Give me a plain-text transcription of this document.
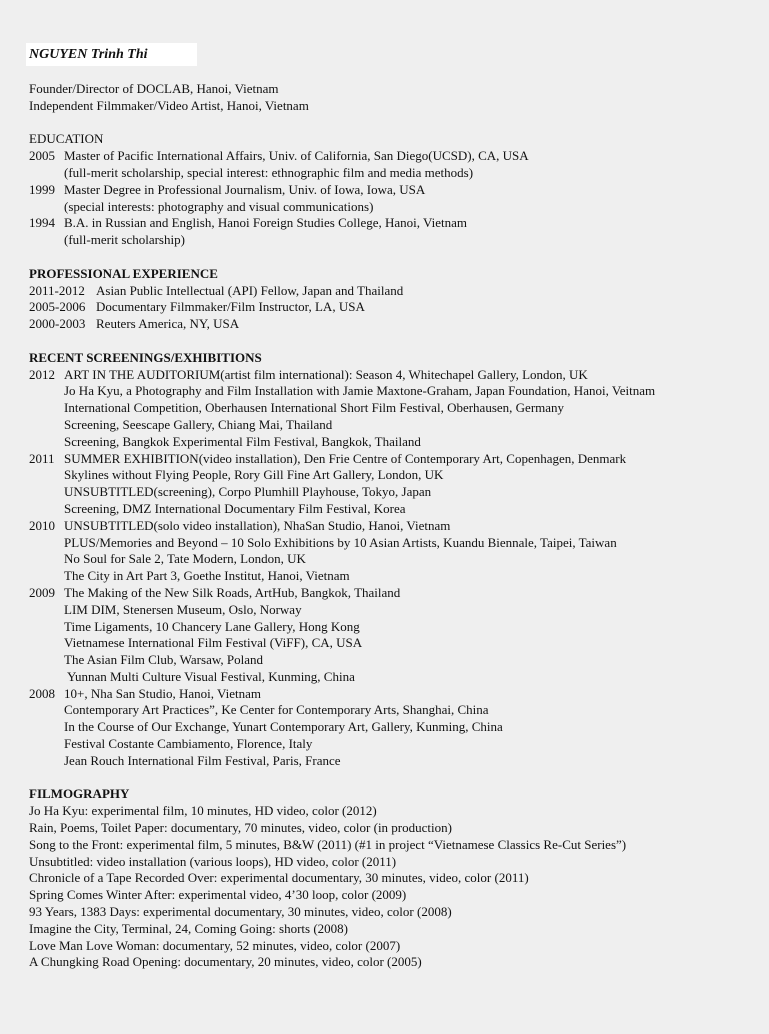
NGUYEN Trinh Thi
Founder/Director of DOCLAB, Hanoi, Vietnam
Independent Filmmaker/Video Artist, Hanoi, Vietnam
EDUCATION
2005 Master of Pacific International Affairs, Univ. of California, San Diego(UCSD), CA, USA
(full-merit scholarship, special interest: ethnographic film and media methods)
1999 Master Degree in Professional Journalism, Univ. of Iowa, Iowa, USA
(special interests: photography and visual communications)
1994 B.A. in Russian and English, Hanoi Foreign Studies College, Hanoi, Vietnam
(full-merit scholarship)
PROFESSIONAL EXPERIENCE
2011-2012 Asian Public Intellectual (API) Fellow, Japan and Thailand
2005-2006 Documentary Filmmaker/Film Instructor, LA, USA
2000-2003 Reuters America, NY, USA
RECENT SCREENINGS/EXHIBITIONS
2012 ART IN THE AUDITORIUM(artist film international): Season 4, Whitechapel Gallery, London, UK
Jo Ha Kyu, a Photography and Film Installation with Jamie Maxtone-Graham, Japan Foundation, Hanoi, Veitnam
International Competition, Oberhausen International Short Film Festival, Oberhausen, Germany
Screening, Seescape Gallery, Chiang Mai, Thailand
Screening, Bangkok Experimental Film Festival, Bangkok, Thailand
2011 SUMMER EXHIBITION(video installation), Den Frie Centre of Contemporary Art, Copenhagen, Denmark
Skylines without Flying People, Rory Gill Fine Art Gallery, London, UK
UNSUBTITLED(screening), Corpo Plumhill Playhouse, Tokyo, Japan
Screening, DMZ International Documentary Film Festival, Korea
2010 UNSUBTITLED(solo video installation), NhaSan Studio, Hanoi, Vietnam
PLUS/Memories and Beyond – 10 Solo Exhibitions by 10 Asian Artists, Kuandu Biennale, Taipei, Taiwan
No Soul for Sale 2, Tate Modern, London, UK
The City in Art Part 3, Goethe Institut, Hanoi, Vietnam
2009 The Making of the New Silk Roads, ArtHub, Bangkok, Thailand
LIM DIM, Stenersen Museum, Oslo, Norway
Time Ligaments, 10 Chancery Lane Gallery, Hong Kong
Vietnamese International Film Festival (ViFF), CA, USA
The Asian Film Club, Warsaw, Poland
Yunnan Multi Culture Visual Festival, Kunming, China
2008 10+, Nha San Studio, Hanoi, Vietnam
Contemporary Art Practices”, Ke Center for Contemporary Arts, Shanghai, China
In the Course of Our Exchange, Yunart Contemporary Art, Gallery, Kunming, China
Festival Costante Cambiamento, Florence, Italy
Jean Rouch International Film Festival, Paris, France
FILMOGRAPHY
Jo Ha Kyu: experimental film, 10 minutes, HD video, color (2012)
Rain, Poems, Toilet Paper: documentary, 70 minutes, video, color (in production)
Song to the Front: experimental film, 5 minutes, B&W (2011) (#1 in project “Vietnamese Classics Re-Cut Series”)
Unsubtitled: video installation (various loops), HD video, color (2011)
Chronicle of a Tape Recorded Over: experimental documentary, 30 minutes, video, color (2011)
Spring Comes Winter After: experimental video, 4’30 loop, color (2009)
93 Years, 1383 Days: experimental documentary, 30 minutes, video, color (2008)
Imagine the City, Terminal, 24, Coming Going: shorts (2008)
Love Man Love Woman: documentary, 52 minutes, video, color (2007)
A Chungking Road Opening: documentary, 20 minutes, video, color (2005)
